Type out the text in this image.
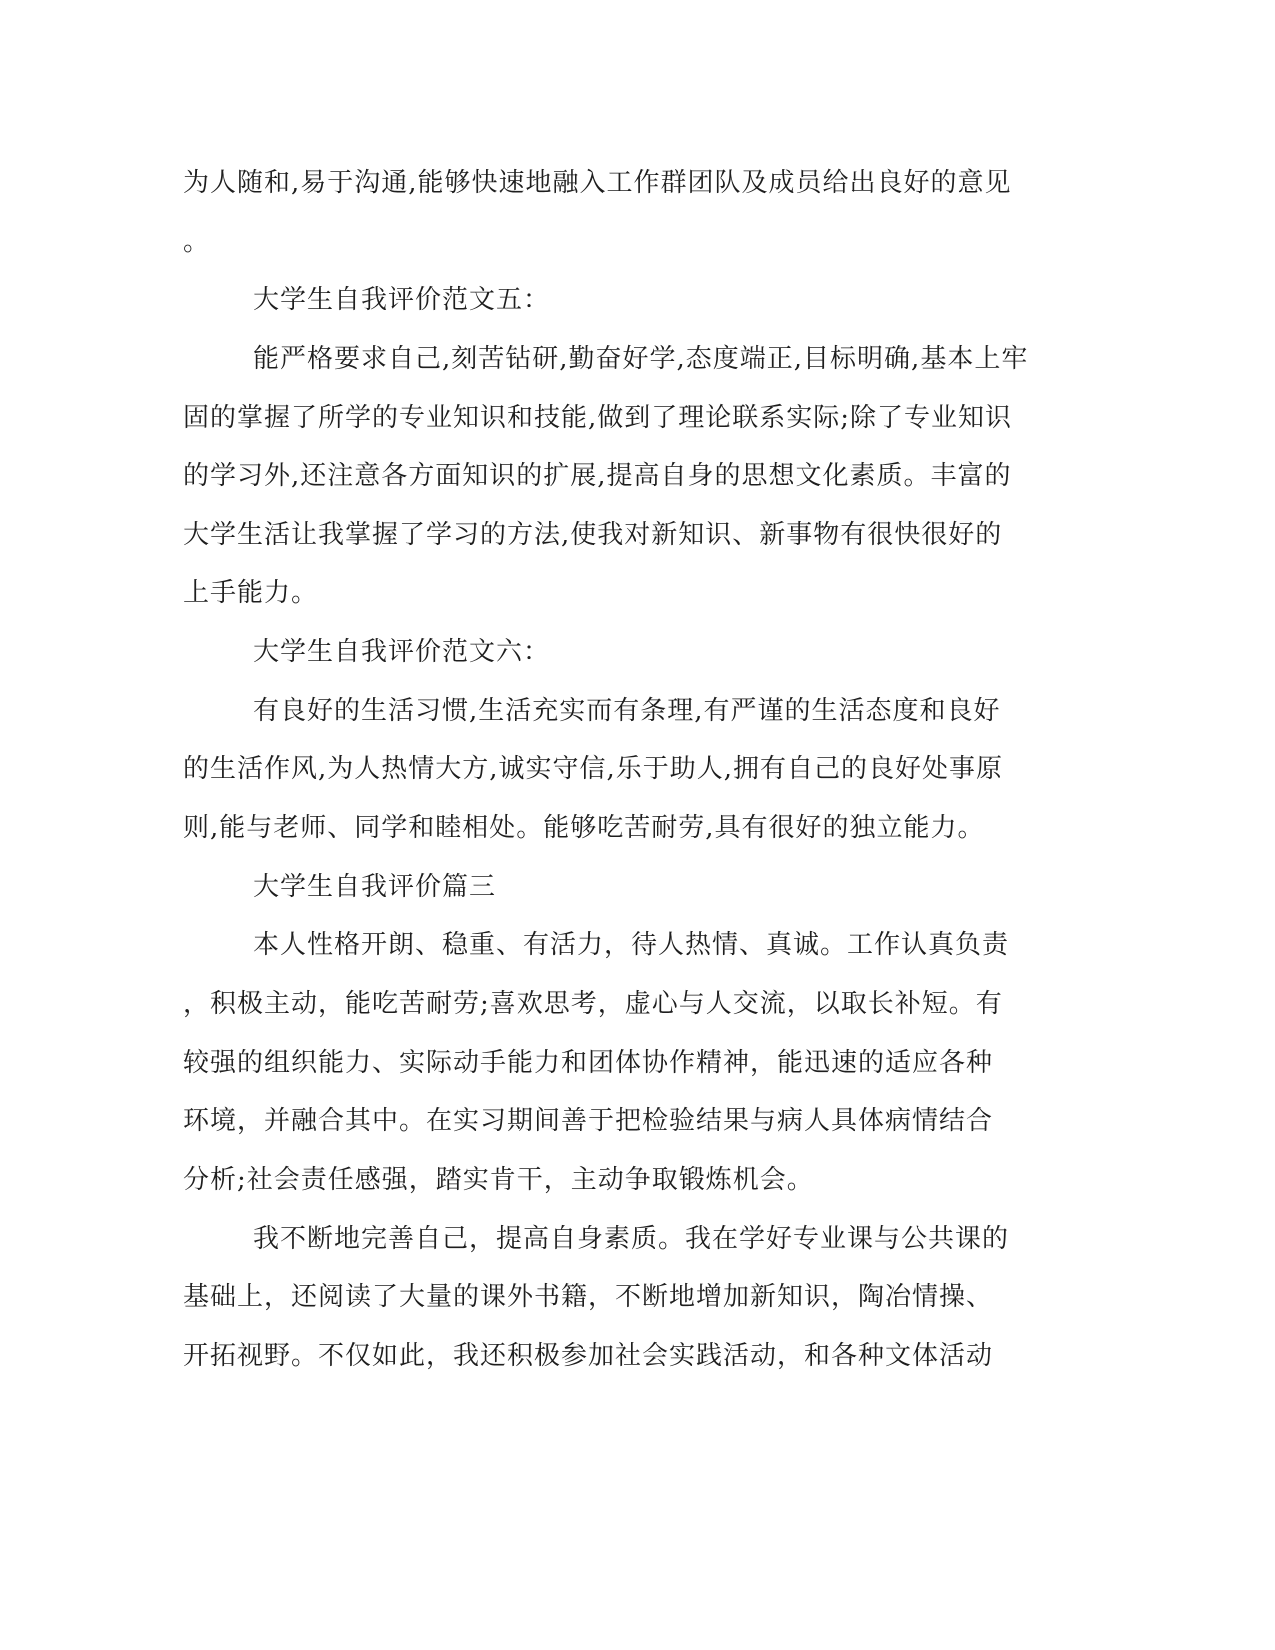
为人随和,易于沟通,能够快速地融入工作群团队及成员给出良好的意见
。
大学生自我评价范文五：
能严格要求自己,刻苦钻研,勤奋好学,态度端正,目标明确,基本上牢
固的掌握了所学的专业知识和技能,做到了理论联系实际;除了专业知识
的学习外,还注意各方面知识的扩展,提高自身的思想文化素质。丰富的
大学生活让我掌握了学习的方法,使我对新知识、新事物有很快很好的
上手能力。
大学生自我评价范文六：
有良好的生活习惯,生活充实而有条理,有严谨的生活态度和良好
的生活作风,为人热情大方,诚实守信,乐于助人,拥有自己的良好处事原
则,能与老师、同学和睦相处。能够吃苦耐劳,具有很好的独立能力。
大学生自我评价篇三
本人性格开朗、稳重、有活力，待人热情、真诚。工作认真负责
，积极主动，能吃苦耐劳;喜欢思考，虚心与人交流，以取长补短。有
较强的组织能力、实际动手能力和团体协作精神，能迅速的适应各种
环境，并融合其中。在实习期间善于把检验结果与病人具体病情结合
分析;社会责任感强，踏实肯干，主动争取锻炼机会。
我不断地完善自己，提高自身素质。我在学好专业课与公共课的
基础上，还阅读了大量的课外书籍，不断地增加新知识，陶冶情操、
开拓视野。不仅如此，我还积极参加社会实践活动，和各种文体活动
